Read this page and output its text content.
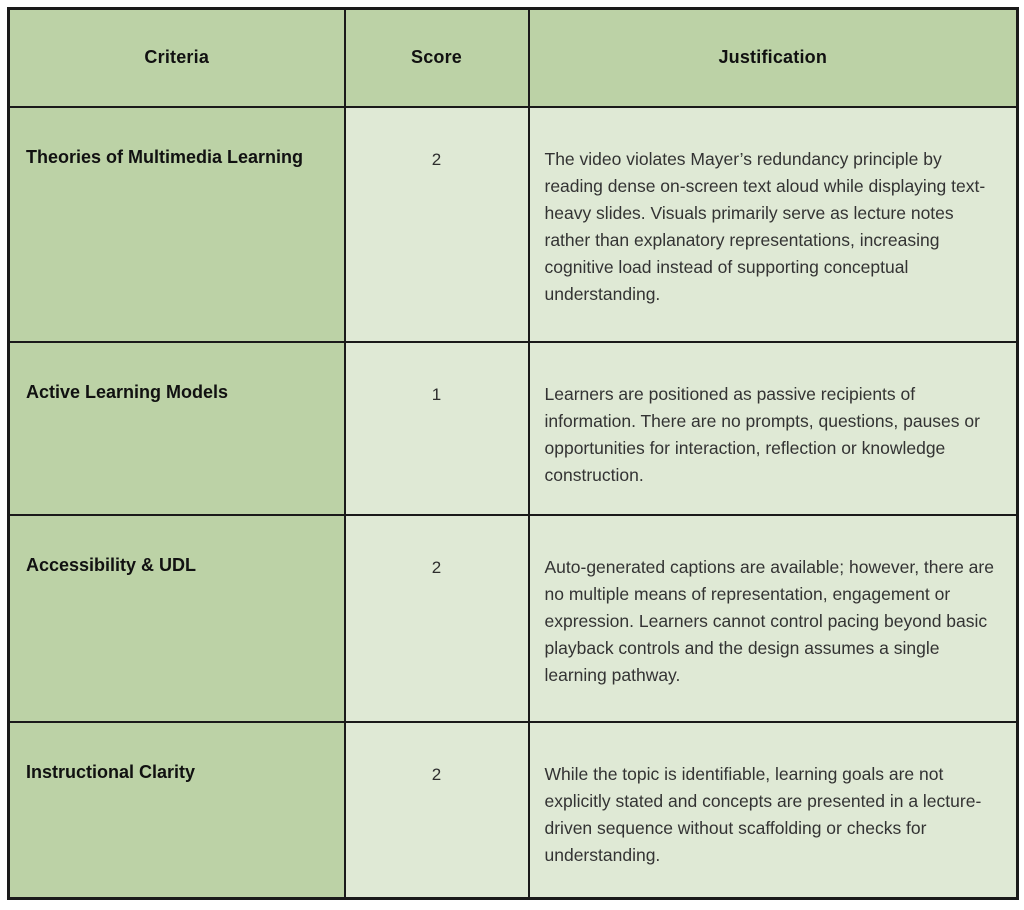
Criteria	Score	Justification
Theories of Multimedia Learning	2	The video violates Mayer’s redundancy principle by reading dense on-screen text aloud while displaying text-heavy slides. Visuals primarily serve as lecture notes rather than explanatory representations, increasing cognitive load instead of supporting conceptual understanding.
Active Learning Models	1	Learners are positioned as passive recipients of information. There are no prompts, questions, pauses or opportunities for interaction, reflection or knowledge construction.
Accessibility & UDL	2	Auto-generated captions are available; however, there are no multiple means of representation, engagement or expression. Learners cannot control pacing beyond basic playback controls and the design assumes a single learning pathway.
Instructional Clarity	2	While the topic is identifiable, learning goals are not explicitly stated and concepts are presented in a lecture-driven sequence without scaffolding or checks for understanding.
